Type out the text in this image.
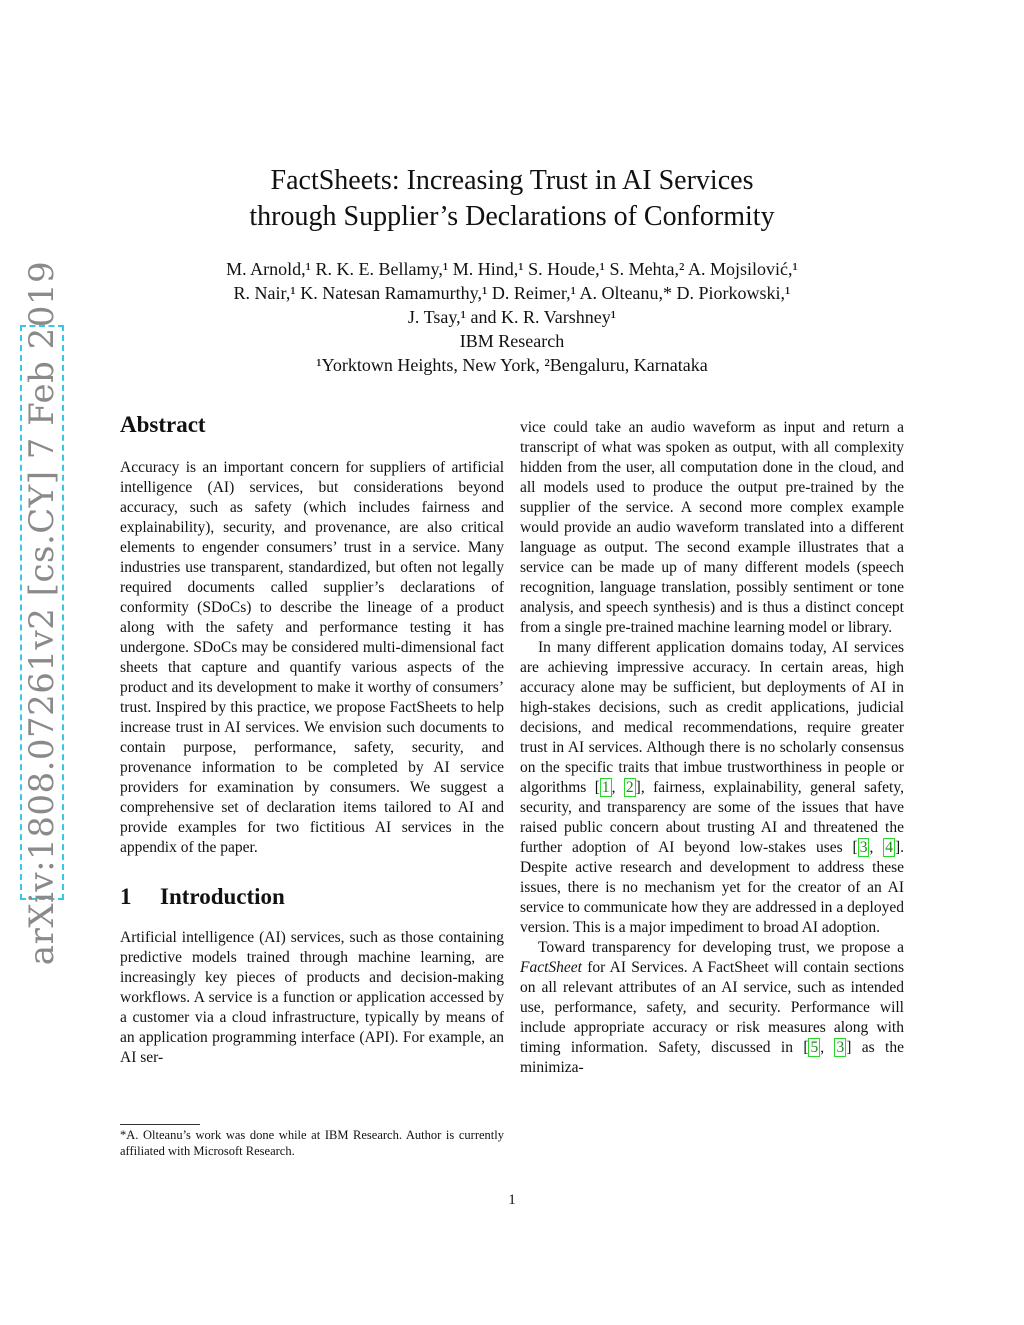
arXiv:1808.07261v2 [cs.CY] 7 Feb 2019
FactSheets: Increasing Trust in AI Services
through Supplier’s Declarations of Conformity
M. Arnold,¹ R. K. E. Bellamy,¹ M. Hind,¹ S. Houde,¹ S. Mehta,² A. Mojsilović,¹
R. Nair,¹ K. Natesan Ramamurthy,¹ D. Reimer,¹ A. Olteanu,* D. Piorkowski,¹
J. Tsay,¹ and K. R. Varshney¹
IBM Research
¹Yorktown Heights, New York, ²Bengaluru, Karnataka
Abstract

Accuracy is an important concern for suppliers of artificial intelligence (AI) services, but considerations beyond accuracy, such as safety (which includes fairness and explainability), security, and provenance, are also critical elements to engender consumers’ trust in a service. Many industries use transparent, standardized, but often not legally required documents called supplier’s declarations of conformity (SDoCs) to describe the lineage of a product along with the safety and performance testing it has undergone. SDoCs may be considered multi-dimensional fact sheets that capture and quantify various aspects of the product and its development to make it worthy of consumers’ trust. Inspired by this practice, we propose FactSheets to help increase trust in AI services. We envision such documents to contain purpose, performance, safety, security, and provenance information to be completed by AI service providers for examination by consumers. We suggest a comprehensive set of declaration items tailored to AI and provide examples for two fictitious AI services in the appendix of the paper.

1 Introduction

Artificial intelligence (AI) services, such as those containing predictive models trained through machine learning, are increasingly key pieces of products and decision-making workflows. A service is a function or application accessed by a customer via a cloud infrastructure, typically by means of an application programming interface (API). For example, an AI ser-

vice could take an audio waveform as input and return a transcript of what was spoken as output, with all complexity hidden from the user, all computation done in the cloud, and all models used to produce the output pre-trained by the supplier of the service. A second more complex example would provide an audio waveform translated into a different language as output. The second example illustrates that a service can be made up of many different models (speech recognition, language translation, possibly sentiment or tone analysis, and speech synthesis) and is thus a distinct concept from a single pre-trained machine learning model or library.

In many different application domains today, AI services are achieving impressive accuracy. In certain areas, high accuracy alone may be sufficient, but deployments of AI in high-stakes decisions, such as credit applications, judicial decisions, and medical recommendations, require greater trust in AI services. Although there is no scholarly consensus on the specific traits that imbue trustworthiness in people or algorithms [ 1 , 2 ], fairness, explainability, general safety, security, and transparency are some of the issues that have raised public concern about trusting AI and threatened the further adoption of AI beyond low-stakes uses [ 3 , 4 ]. Despite active research and development to address these issues, there is no mechanism yet for the creator of an AI service to communicate how they are addressed in a deployed version. This is a major impediment to broad AI adoption.

Toward transparency for developing trust, we propose a FactSheet for AI Services. A FactSheet will contain sections on all relevant attributes of an AI service, such as intended use, performance, safety, and security. Performance will include appropriate accuracy or risk measures along with timing information. Safety, discussed in [ 5 , 3 ] as the minimiza-

*A. Olteanu’s work was done while at IBM Research. Author is currently affiliated with Microsoft Research.
1
